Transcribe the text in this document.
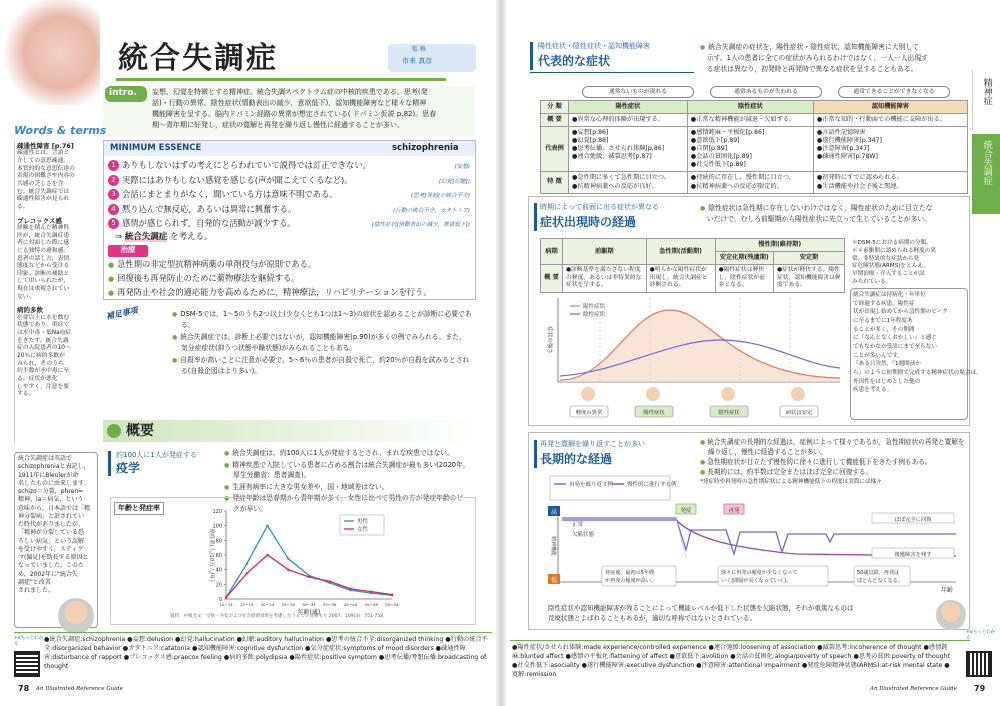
統合失調症	監 修
市来 真彦
intro.	妄想，幻覚を特徴とする精神症。統合失調スペクトラム症の中核的疾患である。思考(発
話)・行動の異常，陰性症状(情動表出の減少，意欲低下)，認知機能障害など様々な精神
機能障害を呈する。脳内ドパミン経路の異常が想定されている( ドパミン仮説 p.82)。思春
期～青年期に好発し，症状の寛解と再発を繰り返し慢性に経過することが多い。
Words & terms
疎通性障害 [p.76]
疎通性とは，言語と
介しての意思疎通。
本質的的な意思伝達の
表現の困難さや内容の
共感の乏しさを含
む。統合失調症では
疎通性障害が見られ
る。
プレコックス感
経験を積んだ精神科
医が，統合失調症患
者に対面した際に感
じる独特の違和感。
患者の話し方，表情，
態度などから受ける
印象。診断の補助と
して用いられたが，
現在は重視されてい
ない。
病的多飲
必要以上に水を飲む
状態であり，重症で
は水中毒・低Na血症
をきたす。統合失調
症の入院患者の10～
20％に病的多飲が
みられ，そのうち
約半数が水中毒に至
る。症状が悪化
しやすく，注意を要
する。
統合失調症は英語で
schizophreniaと表記し，
1911年にBleulerが命
名したものに由来します。
schizo＝分裂，phren=
精神，ia＝病気，という
意味から，日本語では「精
神分裂病」と訳されてい
た時代がありましたが，
「精神が分裂している恐
ろしい病気」という誤解
を受けやすく，スティグ
マ(偏見)を助長する原因と
なっていました。このた
め，2002年に"統合失
調症"と改名
されました。
MINIMUM ESSENCE	schizophrenia
1 ありもしないはずの考えにとらわれていて説得では訂正できない。	(妄想)
2 実際にはありもしない感覚を感じる(声が聞こえてくるなど)。	(幻覚[幻聴])
3 会話にまとまりがなく，聞いている方は意味不明である。	(思考[発話]の統合不全)
4 黙り込んで無反応，あるいは異常に興奮する。	(行動の統合不全，カタトニア)
5 感情が感じられず，自発的な活動が減少する。	(陰性症状[情動表出の減少，意欲低下])
⇒ 統合失調症 を考える。
治療
● 急性期の非定型抗精神病薬の単剤投与が原則である。
● 回復後も再発防止のために薬物療法を継続する。
● 再発防止や社会的適応能力を高めるために，精神療法，リハビリテーションを行う。
補足事項	● DSM-5では，1～5のうち2つ以上(少なくとも1つは1～3)の症状を認めることが診断に必要である。
● 統合失調症では，診断上必要ではないが，認知機能障害(p.90)が多くの例でみられる。また，気分症症状(抑うつ状態や躁状態)がみられることもある。
● 自殺率が高いことに注意が必要で，5～6％の患者が自殺で死亡，約20％が自殺を試みるとされる(自殺企図はより多い)。
概要
約100人に1人が発症する
疫学
● 統合失調症は，約100人に1人が発症するとされ，まれな疾患ではない。
● 精神疾患で入院している患者に占める割合は統合失調症が最も多い(2020年，厚生労働省：患者調査)。
● 生涯有病率に大きな男女差や，国・地域差はない。
● 発症年齢は思春期から青年期が多く，女性に比べて男性の方が発症年齢のピークが早い。
年齢と発症率
0
20
40
60
80
100
120
10～14 15～19 20～24 25～29 30～34 35～39 40～44 45～49 50～54
年齢(歳)
発症率(人/10万人/年)
男性
女性
資料：中根允文：交絡・共変および社会経済効果を考慮したうえでの見積もり 2007；109(3)：751-758
+αもっとわかる
●統合失調症:schizophrenia ●妄想:delusion ●幻覚:hallucination ●幻聴:auditory hallucination ●思考の統合不全:disorganized thinking ●行動の統合不全:disorganized behavior ●カタトニア:catatonia ●認知機能障害:cognitive dysfunction ●気分症症状:symptoms of mood disorders ●疎通性障害:disturbance of rapport ●プレコックス感:praecox feeling ●病的多飲:polydipsia ●陽性症状:positive symptom ●思考伝播/考想伝播:broadcasting of thought
78 An Illustrated Reference Guide
精神症
統合失調症
陽性症状・陰性症状・認知機能障害
代表的な症状
● 統合失調症の症状を，陽性症状・陰性症状，認知機能障害に大別して
　示す。1人の患者に全ての症状がみられるわけではなく，一人一人出現す
　る症状は異なり，初発時と再発時で異なる症状を呈することもある。
通常ないものが現れる	通常あるものが失われる	通常できることができなくなる
分 類	陽性症状	陰性症状	認知機能障害
概 要	●異常な心理的体験が出現する。	●正常な精神機能が減退・欠如する。	●正常な知的・行動面での機能に支障が出る。
代表例	●妄想[p.86]
●幻覚[p.88]
●思考伝播，させられ体験[p.86]
●連合弛緩，滅裂思考[p.87]	●感情鈍麻・平板化[p.86]
●意欲低下[p.89]
●自閉[p.89]
●会話の貧困化[p.89]
●社交性低下[p.89]	●言語性記憶障害
●遂行機能障害[p.347]
●注意障害[p.347]
●疎通性障害[p.78W]
特 徴	●急性期に多くて急性期に目立つ。
●抗精神病薬への反応が良好。	●持続的に存在し，慢性期に目立つ。
●抗精神病薬への反応が限定的。	●初発時にすでに認められる。
●生活機能や社会予後と関連。
時期によって前面に出る症状が異なる
症状出現時の経過
● 陰性症状は急性期に存在しないわけではなく，陽性症状のために目立たな
　いだけで，むしろ前駆期から陽性症状に先立って生じていることが多い。
病期	前駆期	急性期(活動期)	慢性期(維持期)	
			安定化期(残遺期)	安定期
概 要	●診断基準を満たさない程度の軽度，あるいは非特異的な症状を呈する。	●明らかな陽性症状が出現し，統合失調症と診断される。	●陽性症状は軽快し，陰性症状が前景となる。	●症状が軽快する。陽性症状，認知機能障害は軽度である。
症状の強さ
陽性症状
陰性症状
軽度の異常	陽性症状	陰性症状	病状は安定
＊DSM-5における病期の分類。
＊＊前駆期に認められる軽度の異
常。非特異的な症状から発
症危険状態(ARMS)をとらえ，
早期治療・介入することが試
みられている。
統合失調症は持病化・年単位
で経過する疾患。陽性症
状が出現し始めてから急性期のピーク
に至るまでに1年程度あ
ることが多く，その期間
に『なんとなくおかしい』と感じ
てもなかなか受診にまで至らない
ことが多いんです。
『ある日突然，『1週間前か
ら』のように短期間で完成する精神症状の場合は，
外因性をはじめとした他の
疾患を考える。
再発と寛解を繰り返すことが多い
長期的な経過
● 統合失調症の長期的な経過は，症例によって様々であるが，急性期症状の再発と寛解を繰り返し，慢性に経過することが多い。
● 急性期症状が目立たず慢性的に徐々に進行して機能低下をきたす例もある。
● 長期的には，約半数は完全またはほぼ完全に回復する。
*発症時や再発時の急性期症状による精神機能低下の程度は実際には様々
再発を繰り返す例	慢性的に進行する例
高
低
精神機能
年齢
正常
欠陥状態
発症	再発
ほぼ完全に回復
後遺障害を残す
発症後，最初の5年間
が再発の頻度が高い。
徐々に再発の頻度が少なくなって
いく(間隔が長くなっていく)。
50歳以降，再発は
ほとんどなくなる。
陰性症状や認知機能障害が残ることによって機能レベルが低下した状態を欠陥状態，それが重篤なものは
荒廃状態とよばれることもあるが，適切な呼称ではないとされている。
●陽性症状/させられ体験:made experience/controlled experience ●連合弛緩:loosening of association ●滅裂思考:incoherence of thought ●感情鈍麻:blunted affect ●感情の平板化:flattening of affect ●意欲低下:avolition ●会話の貧困化:alogia/poverty of speech ●思考の貧困:poverty of thought ●社交性低下:asociality ●遂行機能障害:executive dysfunction ●注意障害:attentional impairment ●発症危険精神状態(ARMS):at-risk mental state ●寛解:remission
+αもっとわかる
An Illustrated Reference Guide 79
